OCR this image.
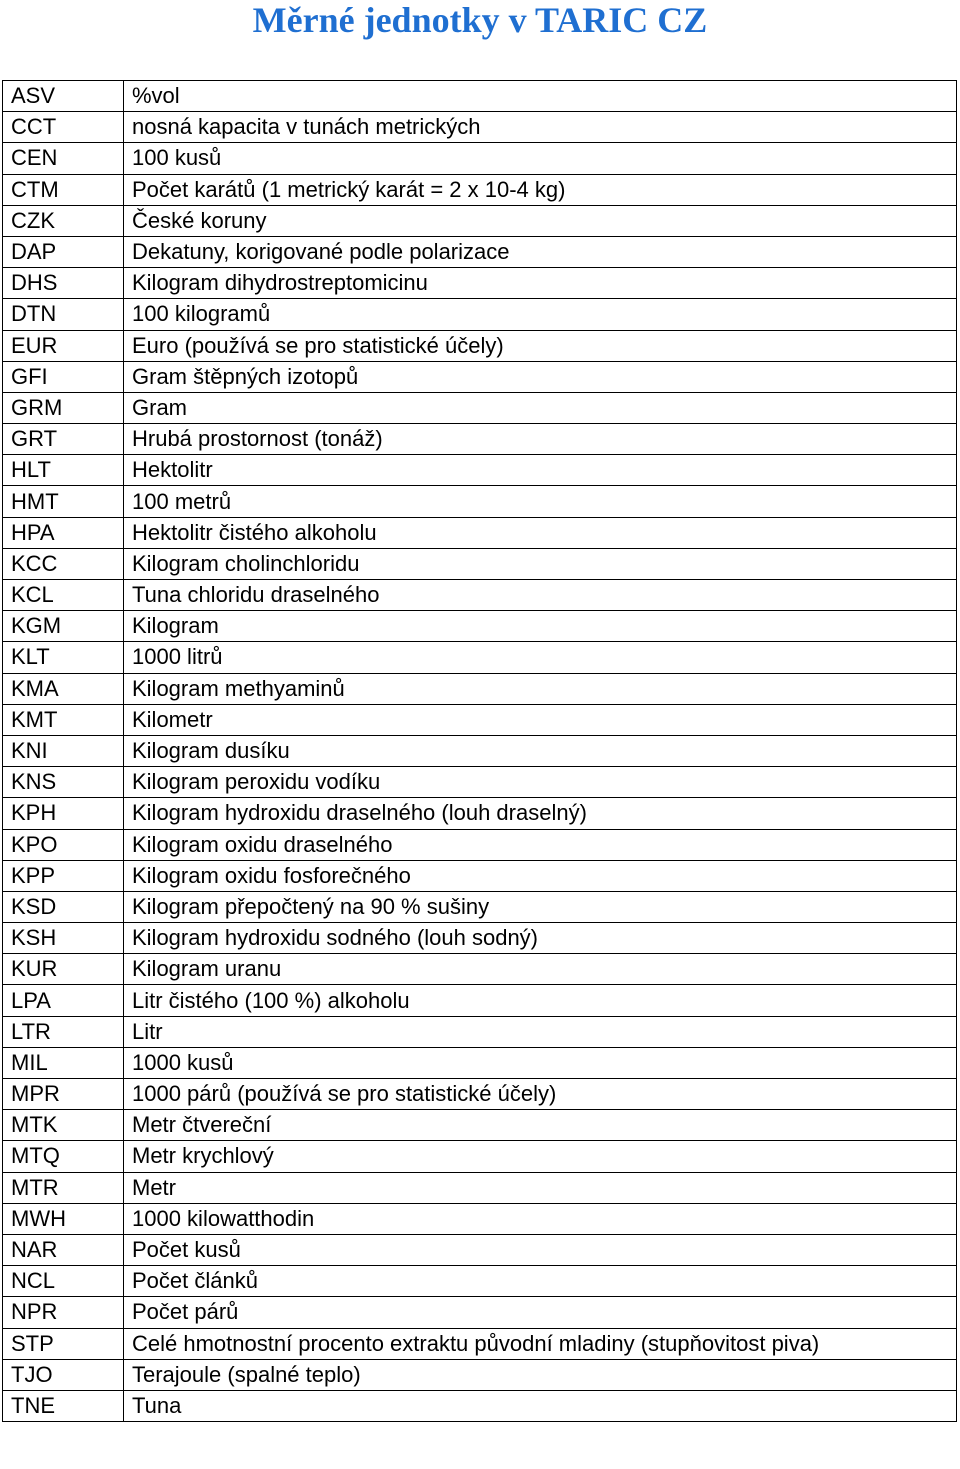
Měrné jednotky v TARIC CZ
ASV	%vol
CCT	nosná kapacita v tunách metrických
CEN	100 kusů
CTM	Počet karátů (1 metrický karát = 2 x 10-4 kg)
CZK	České koruny
DAP	Dekatuny, korigované podle polarizace
DHS	Kilogram dihydrostreptomicinu
DTN	100 kilogramů
EUR	Euro (používá se pro statistické účely)
GFI	Gram štěpných izotopů
GRM	Gram
GRT	Hrubá prostornost (tonáž)
HLT	Hektolitr
HMT	100 metrů
HPA	Hektolitr čistého alkoholu
KCC	Kilogram cholinchloridu
KCL	Tuna chloridu draselného
KGM	Kilogram
KLT	1000 litrů
KMA	Kilogram methyaminů
KMT	Kilometr
KNI	Kilogram dusíku
KNS	Kilogram peroxidu vodíku
KPH	Kilogram hydroxidu draselného (louh draselný)
KPO	Kilogram oxidu draselného
KPP	Kilogram oxidu fosforečného
KSD	Kilogram přepočtený na 90 % sušiny
KSH	Kilogram hydroxidu sodného (louh sodný)
KUR	Kilogram uranu
LPA	Litr čistého (100 %) alkoholu
LTR	Litr
MIL	1000 kusů
MPR	1000 párů (používá se pro statistické účely)
MTK	Metr čtvereční
MTQ	Metr krychlový
MTR	Metr
MWH	1000 kilowatthodin
NAR	Počet kusů
NCL	Počet článků
NPR	Počet párů
STP	Celé hmotnostní procento extraktu původní mladiny (stupňovitost piva)
TJO	Terajoule (spalné teplo)
TNE	Tuna
